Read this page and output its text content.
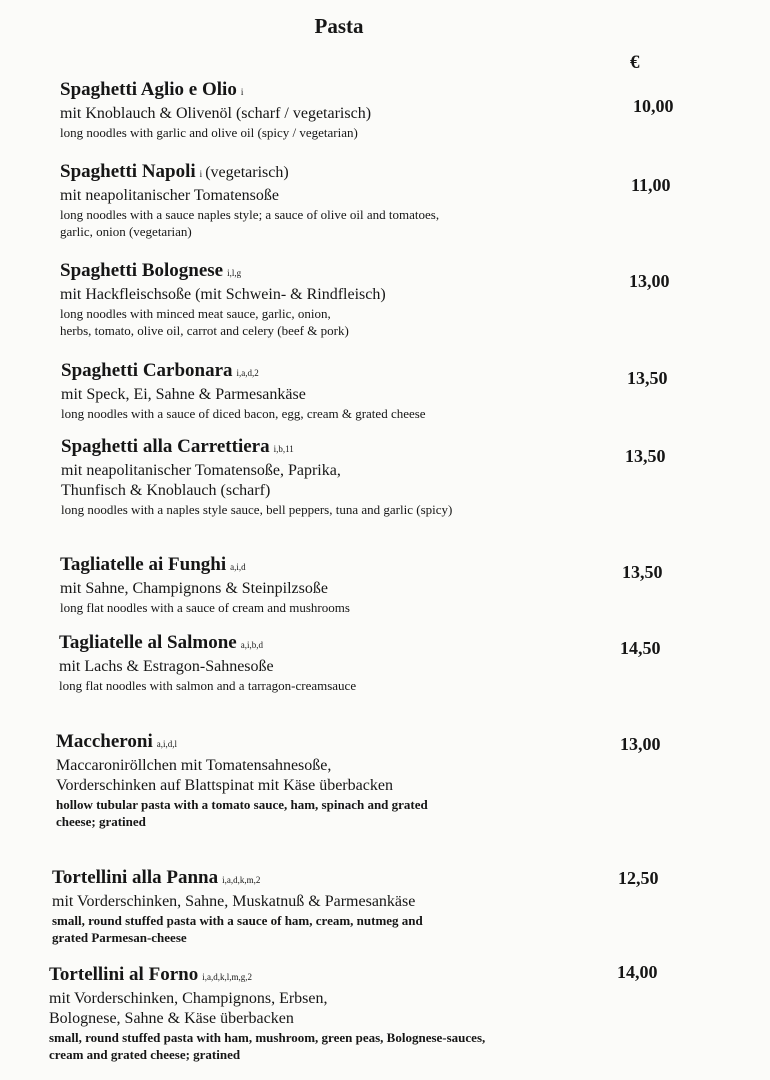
Pasta
€
Spaghetti Aglio e Olio i
mit Knoblauch & Olivenöl (scharf / vegetarisch)
long noodles with garlic and olive oil (spicy / vegetarian)
10,00
Spaghetti Napoli i (vegetarisch)
mit neapolitanischer Tomatensoße
long noodles with a sauce naples style; a sauce of olive oil and tomatoes,
garlic, onion (vegetarian)
11,00
Spaghetti Bolognese i,l,g
mit Hackfleischsoße (mit Schwein- & Rindfleisch)
long noodles with minced meat sauce, garlic, onion,
herbs, tomato, olive oil, carrot and celery (beef & pork)
13,00
Spaghetti Carbonara i,a,d,2
mit Speck, Ei, Sahne & Parmesankäse
long noodles with a sauce of diced bacon, egg, cream & grated cheese
13,50
Spaghetti alla Carrettiera i,b,11
mit neapolitanischer Tomatensoße, Paprika,
Thunfisch & Knoblauch (scharf)
long noodles with a naples style sauce, bell peppers, tuna and garlic (spicy)
13,50
Tagliatelle ai Funghi a,i,d
mit Sahne, Champignons & Steinpilzsoße
long flat noodles with a sauce of cream and mushrooms
13,50
Tagliatelle al Salmone a,i,b,d
mit Lachs & Estragon-Sahnesoße
long flat noodles with salmon and a tarragon-creamsauce
14,50
Maccheroni a,i,d,l
Maccaroniröllchen mit Tomatensahnesoße,
Vorderschinken auf Blattspinat mit Käse überbacken
hollow tubular pasta with a tomato sauce, ham, spinach and grated
cheese; gratined
13,00
Tortellini alla Panna i,a,d,k,m,2
mit Vorderschinken, Sahne, Muskatnuß & Parmesankäse
small, round stuffed pasta with a sauce of ham, cream, nutmeg and
grated Parmesan-cheese
12,50
Tortellini al Forno i,a,d,k,l,m,g,2
mit Vorderschinken, Champignons, Erbsen,
Bolognese, Sahne & Käse überbacken
small, round stuffed pasta with ham, mushroom, green peas, Bolognese-sauces,
cream and grated cheese; gratined
14,00
